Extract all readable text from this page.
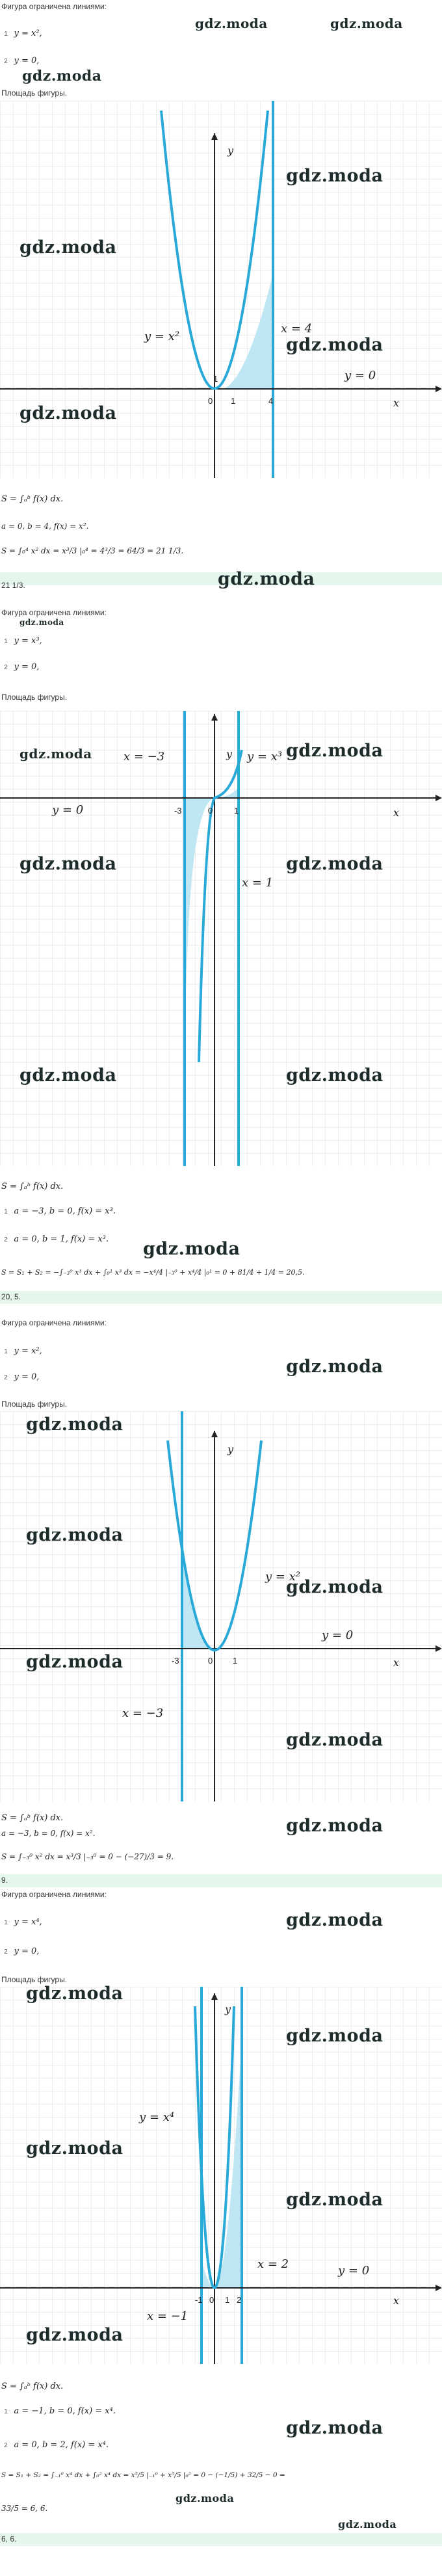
Фигура ограничена линиями:
gdz.moda	gdz.moda
1 y = x²,
2 y = 0,
gdz.moda
Площадь фигуры.
y
x
y = x²
x = 4
y = 0
1
0 1	4
gdz.moda
gdz.moda
gdz.moda
gdz.moda
S = ∫ₐᵇ f(x) dx.
a = 0, b = 4, f(x) = x².
S = ∫₀⁴ x² dx = x³/3 |₀⁴ = 4³/3 = 64/3 = 21 1/3.
gdz.moda
21 1/3.
Фигура ограничена линиями:
gdz.moda
1 y = x³,
2 y = 0,
Площадь фигуры.
y
x
y = x³
x = −3
x = 1
y = 0	-3	0	1
gdz.moda	gdz.moda
gdz.moda	gdz.moda
gdz.moda	gdz.moda
S = ∫ₐᵇ f(x) dx.
1 a = −3, b = 0, f(x) = x³.
2 a = 0, b = 1, f(x) = x³. gdz.moda
S = S₁ + S₂ = −∫₋₃⁰ x³ dx + ∫₀¹ x³ dx = −x⁴/4 |₋₃⁰ + x⁴/4 |₀¹ = 0 + 81/4 + 1/4 = 20,5.
20, 5.
Фигура ограничена линиями:
1 y = x²,
2 y = 0,
gdz.moda
Площадь фигуры.
y
x
y = x²
x = −3
y = 0
-3	0 1
gdz.moda
gdz.moda
gdz.moda
gdz.moda
gdz.moda
S = ∫ₐᵇ f(x) dx.
a = −3, b = 0, f(x) = x².	gdz.moda
S = ∫₋₃⁰ x² dx = x³/3 |₋₃⁰ = 0 − (−27)/3 = 9.
9.
Фигура ограничена линиями:
1 y = x⁴,	gdz.moda
2 y = 0,
Площадь фигуры.
y
x
y = x⁴
x = −1
x = 2	y = 0
-1 0 1 2
gdz.moda
gdz.moda
gdz.moda
gdz.moda
gdz.moda
S = ∫ₐᵇ f(x) dx.
1 a = −1, b = 0, f(x) = x⁴.
gdz.moda
2 a = 0, b = 2, f(x) = x⁴.
S = S₁ + S₂ = ∫₋₁⁰ x⁴ dx + ∫₀² x⁴ dx = x⁵/5 |₋₁⁰ + x⁵/5 |₀² = 0 − (−1/5) + 32/5 − 0 =
gdz.moda
gdz.moda
33/5 = 6, 6.
6, 6.
